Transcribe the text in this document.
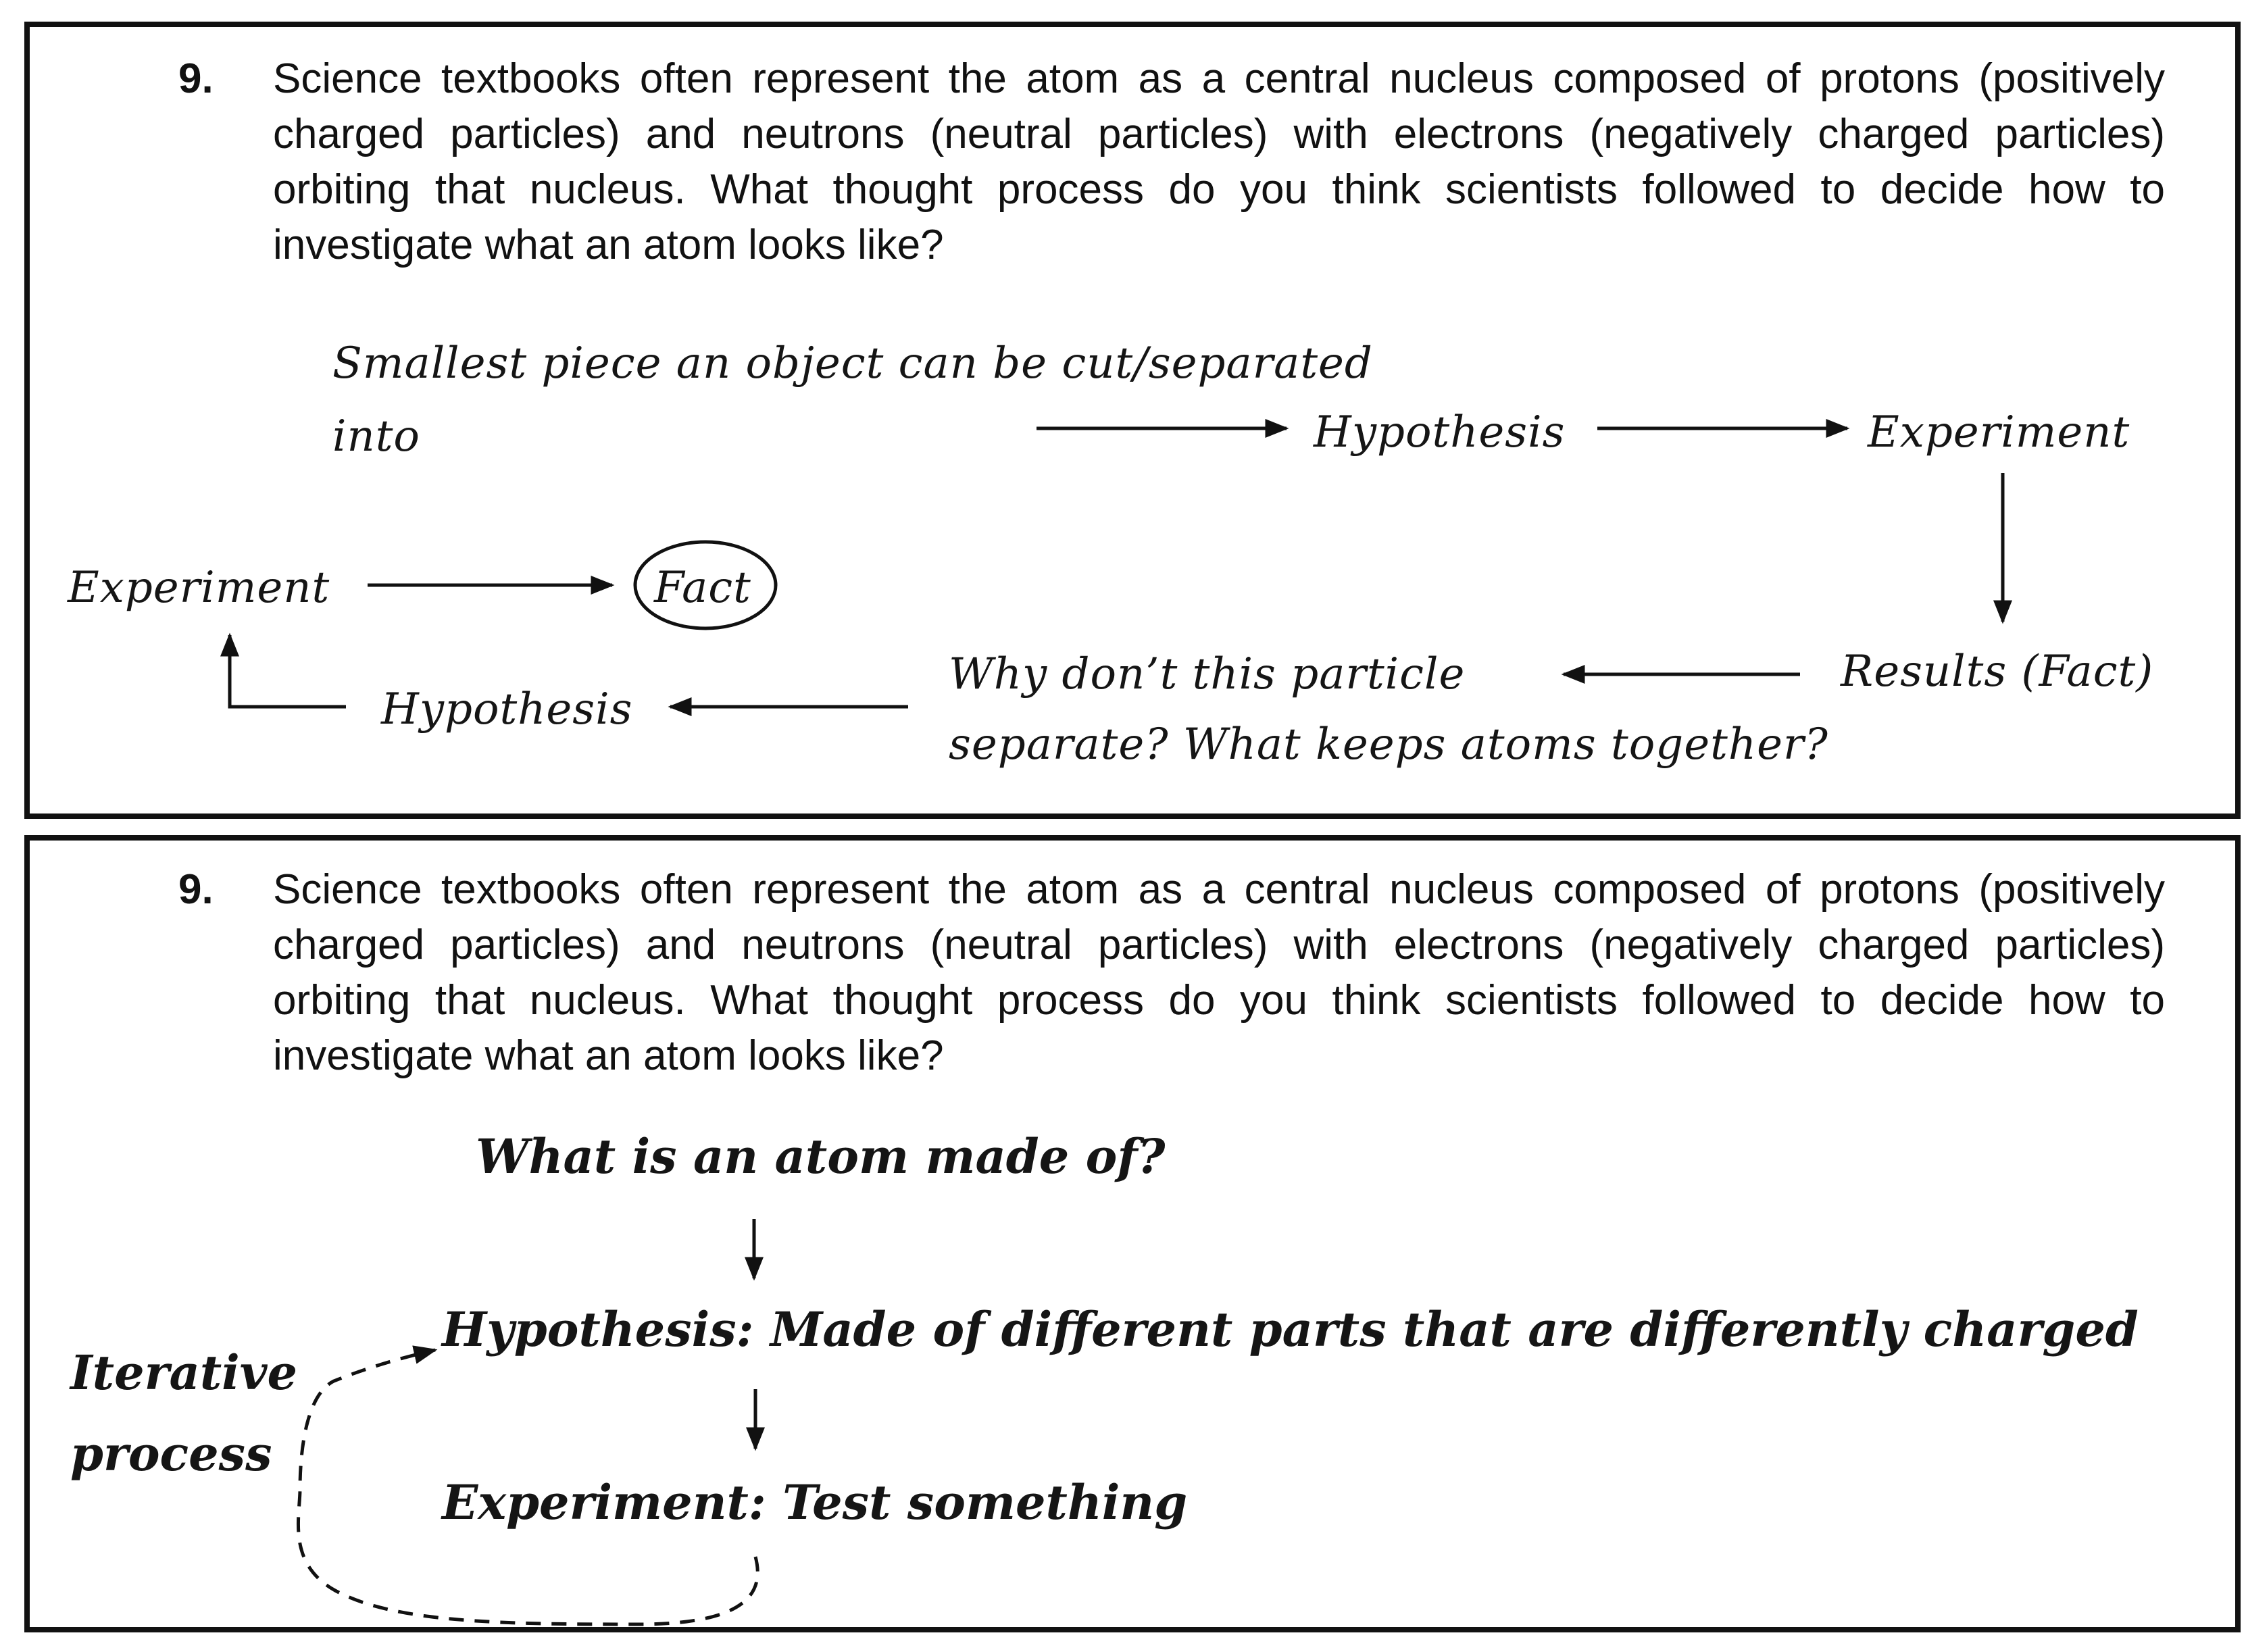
9. Science textbooks often represent the atom as a central nucleus composed of protons (positively charged particles) and neutrons (neutral particles) with electrons (negatively charged particles) orbiting that nucleus. What thought process do you think scientists followed to decide how to investigate what an atom looks like?
Smallest piece an object can be cut/separated
into	Hypothesis	Experiment
Results (Fact)
Why don’t this particle
separate? What keeps atoms together?
Hypothesis
Experiment	Fact
9. Science textbooks often represent the atom as a central nucleus composed of protons (positively charged particles) and neutrons (neutral particles) with electrons (negatively charged particles) orbiting that nucleus. What thought process do you think scientists followed to decide how to investigate what an atom looks like?
What is an atom made of?
Hypothesis: Made of different parts that are differently charged
Experiment: Test something
Iterative
process
